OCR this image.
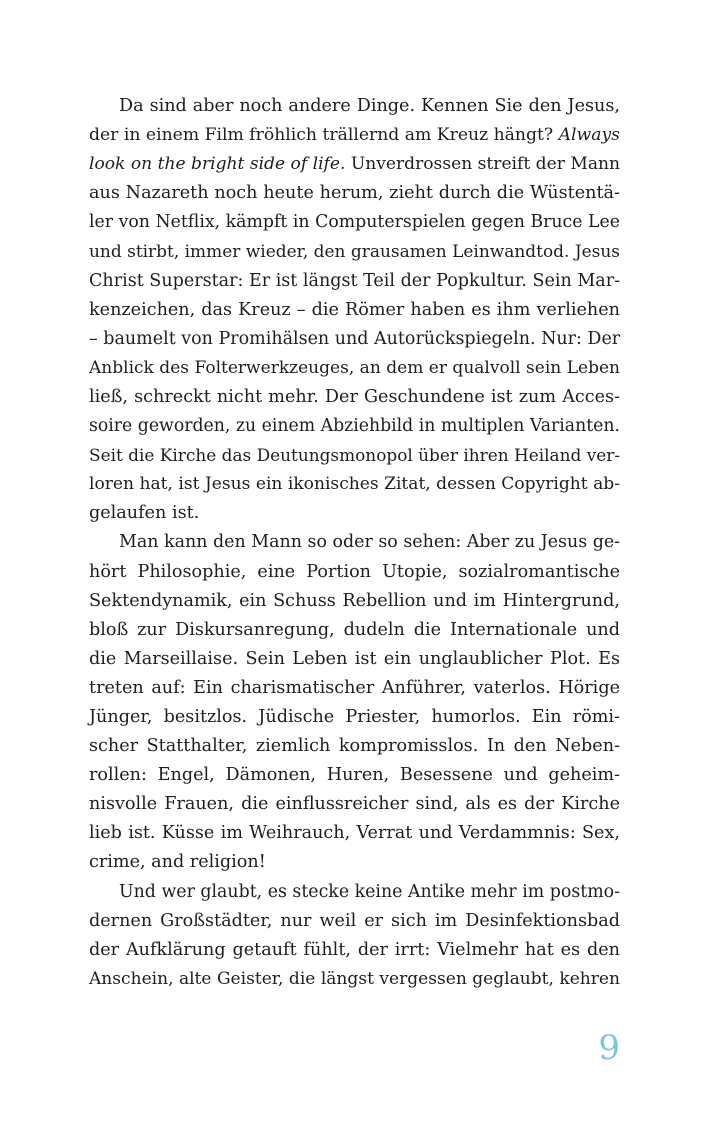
Da sind aber noch andere Dinge. Kennen Sie den Jesus,
der in einem Film fröhlich trällernd am Kreuz hängt? Always
look on the bright side of life. Unverdrossen streift der Mann
aus Nazareth noch heute herum, zieht durch die Wüstentä-
ler von Netflix, kämpft in Computerspielen gegen Bruce Lee
und stirbt, immer wieder, den grausamen Leinwandtod. Jesus
Christ Superstar: Er ist längst Teil der Popkultur. Sein Mar-
kenzeichen, das Kreuz – die Römer haben es ihm verliehen
– baumelt von Promihälsen und Autorückspiegeln. Nur: Der
Anblick des Folterwerkzeuges, an dem er qualvoll sein Leben
ließ, schreckt nicht mehr. Der Geschundene ist zum Acces-
soire geworden, zu einem Abziehbild in multiplen Varianten.
Seit die Kirche das Deutungsmonopol über ihren Heiland ver-
loren hat, ist Jesus ein ikonisches Zitat, dessen Copyright ab-
gelaufen ist.
Man kann den Mann so oder so sehen: Aber zu Jesus ge-
hört Philosophie, eine Portion Utopie, sozialromantische
Sektendynamik, ein Schuss Rebellion und im Hintergrund,
bloß zur Diskursanregung, dudeln die Internationale und
die Marseillaise. Sein Leben ist ein unglaublicher Plot. Es
treten auf: Ein charismatischer Anführer, vaterlos. Hörige
Jünger, besitzlos. Jüdische Priester, humorlos. Ein römi-
scher Statthalter, ziemlich kompromisslos. In den Neben-
rollen: Engel, Dämonen, Huren, Besessene und geheim-
nisvolle Frauen, die einflussreicher sind, als es der Kirche
lieb ist. Küsse im Weihrauch, Verrat und Verdammnis: Sex,
crime, and religion!
Und wer glaubt, es stecke keine Antike mehr im postmo-
dernen Großstädter, nur weil er sich im Desinfektionsbad
der Aufklärung getauft fühlt, der irrt: Vielmehr hat es den
Anschein, alte Geister, die längst vergessen geglaubt, kehren
9
